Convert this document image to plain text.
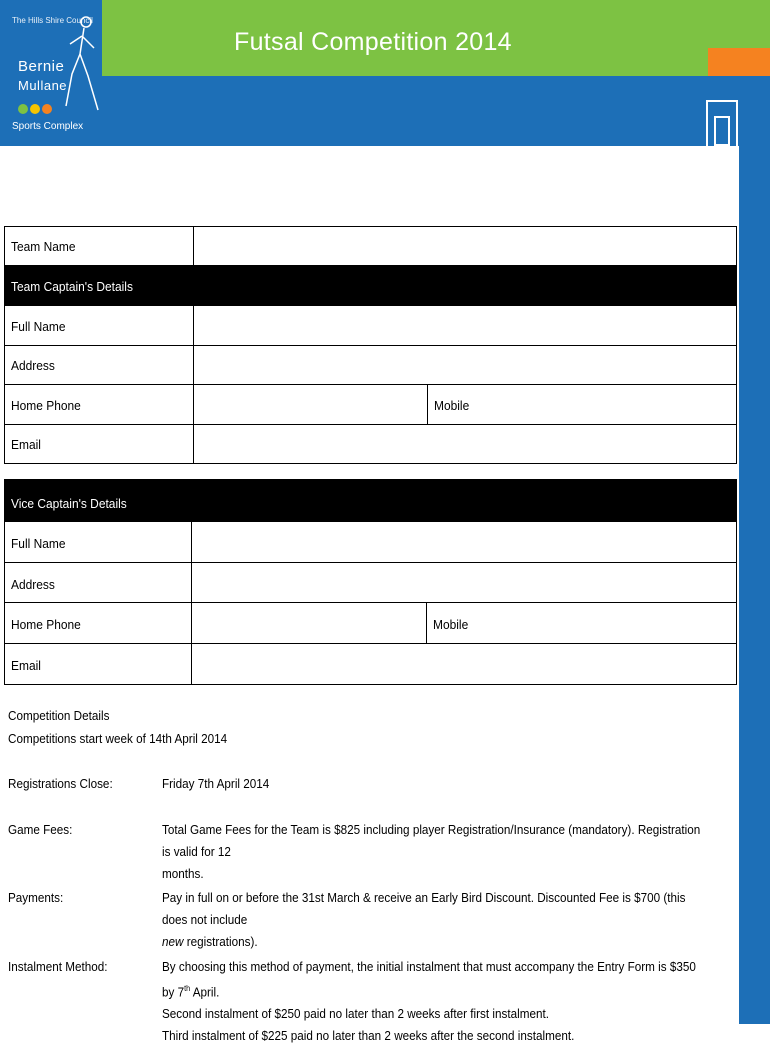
The Hills Shire Council
Bernie
Mullane
Sports Complex
Futsal Competition 2014
Team Name
Team Captain's Details
Full Name
Address
Home Phone	Mobile
Email
Vice Captain's Details
Full Name
Address
Home Phone	Mobile
Email
Competition Details
Competitions start week of 14th April 2014
Registrations Close:	Friday 7th April 2014
Game Fees:	Total Game Fees for the Team is $825 including player Registration/Insurance (mandatory). Registration is valid for 12
months.
Payments:	Pay in full on or before the 31st March & receive an Early Bird Discount. Discounted Fee is $700 (this does not include
new registrations).
Instalment Method:	By choosing this method of payment, the initial instalment that must accompany the Entry Form is $350 by 7th April.
Second instalment of $250 paid no later than 2 weeks after first instalment.
Third instalment of $225 paid no later than 2 weeks after the second instalment.
